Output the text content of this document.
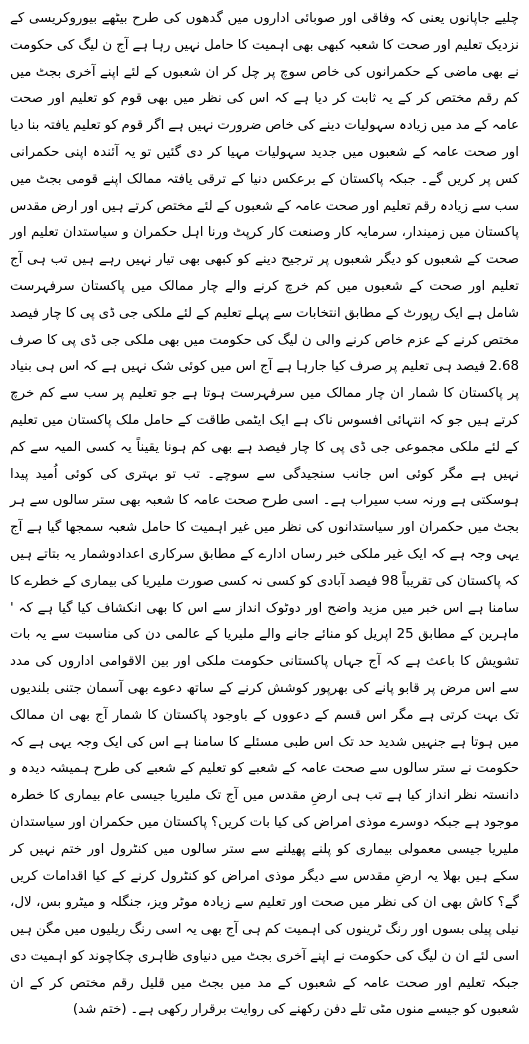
چلیے جاپانوں یعنی کہ وفاقی اور صوبائی اداروں میں گدھوں کی طرح بیٹھے بیوروکریسی کے نزدیک تعلیم اور صحت کا شعبہ کبھی بھی اہمیت کا حامل نہیں رہا ہے آج ن لیگ کی حکومت نے بھی ماضی کے حکمرانوں کی خاص سوچ پر چل کر ان شعبوں کے لئے اپنے آخری بجٹ میں کم رقم مختص کر کے یہ ثابت کر دیا ہے کہ اس کی نظر میں بھی قوم کو تعلیم اور صحت عامہ کے مد میں زیادہ سہولیات دینے کی خاص ضرورت نہیں ہے اگر قوم کو تعلیم یافتہ بنا دیا اور صحت عامہ کے شعبوں میں جدید سہولیات مہیا کر دی گئیں تو یہ آئندہ اپنی حکمرانی کس پر کریں گے۔ جبکہ پاکستان کے برعکس دنیا کے ترقی یافتہ ممالک اپنے قومی بجٹ میں سب سے زیادہ رقم تعلیم اور صحت عامہ کے شعبوں کے لئے مختص کرتے ہیں اور ارض مقدس پاکستان میں زمیندار، سرمایہ کار وصنعت کار کرپٹ ورنا اہل حکمران و سیاستدان تعلیم اور صحت کے شعبوں کو دیگر شعبوں پر ترجیح دینے کو کبھی بھی تیار نہیں رہے ہیں تب ہی آج تعلیم اور صحت کے شعبوں میں کم خرچ کرنے والے چار ممالک میں پاکستان سرفہرست شامل ہے ایک رپورٹ کے مطابق انتخابات سے پہلے تعلیم کے لئے ملکی جی ڈی پی کا چار فیصد مختص کرنے کے عزم خاص کرنے والی ن لیگ کی حکومت میں بھی ملکی جی ڈی پی کا صرف 2.68 فیصد ہی تعلیم پر صرف کیا جارہا ہے آج اس میں کوئی شک نہیں ہے کہ اس ہی بنیاد پر پاکستان کا شمار ان چار ممالک میں سرفہرست ہوتا ہے جو تعلیم پر سب سے کم خرچ کرتے ہیں جو کہ انتہائی افسوس ناک ہے ایک ایٹمی طاقت کے حامل ملک پاکستان میں تعلیم کے لئے ملکی مجموعی جی ڈی پی کا چار فیصد ہے بھی کم ہونا یقیناً یہ کسی المیہ سے کم نہیں ہے مگر کوئی اس جانب سنجیدگی سے سوچے۔ تب تو بہتری کی کوئی اُمید پیدا ہوسکتی ہے ورنہ سب سیراب ہے۔ اسی طرح صحت عامہ کا شعبہ بھی ستر سالوں سے ہر بجٹ میں حکمران اور سیاستدانوں کی نظر میں غیر اہمیت کا حامل شعبہ سمجھا گیا ہے آج یہی وجہ ہے کہ ایک غیر ملکی خبر رساں ادارے کے مطابق سرکاری اعدادوشمار یہ بتاتے ہیں کہ پاکستان کی تقریباً 98 فیصد آبادی کو کسی نہ کسی صورت ملیریا کی بیماری کے خطرے کا سامنا ہے اس خبر میں مزید واضح اور دوٹوک انداز سے اس کا بھی انکشاف کیا گیا ہے کہ ' ماہرین کے مطابق 25 اپریل کو منائے جانے والے ملیریا کے عالمی دن کی مناسبت سے یہ بات تشویش کا باعث ہے کہ آج جہاں پاکستانی حکومت ملکی اور بین الاقوامی اداروں کی مدد سے اس مرض پر قابو پانے کی بھرپور کوشش کرنے کے ساتھ دعوے بھی آسمان جتنی بلندیوں تک بہت کرتی ہے مگر اس قسم کے دعووں کے باوجود پاکستان کا شمار آج بھی ان ممالک میں ہوتا ہے جنہیں شدید حد تک اس طبی مسئلے کا سامنا ہے اس کی ایک وجہ یہی ہے کہ حکومت نے ستر سالوں سے صحت عامہ کے شعبے کو تعلیم کے شعبے کی طرح ہمیشہ دیدہ و دانستہ نظر انداز کیا ہے تب ہی ارضِ مقدس میں آج تک ملیریا جیسی عام بیماری کا خطرہ موجود ہے جبکہ دوسرے موذی امراض کی کیا بات کریں؟ پاکستان میں حکمران اور سیاستدان ملیریا جیسی معمولی بیماری کو پلنے پھیلنے سے ستر سالوں میں کنٹرول اور ختم نہیں کر سکے ہیں بھلا یہ ارضِ مقدس سے دیگر موذی امراض کو کنٹرول کرنے کے کیا اقدامات کریں گے؟ کاش بھی ان کی نظر میں صحت اور تعلیم سے زیادہ موٹر ویز، جنگلہ و میٹرو بس، لال، نیلی پیلی بسوں اور رنگ ٹرینوں کی اہمیت کم ہی آج بھی یہ اسی رنگ ریلیوں میں مگن ہیں اسی لئے ان ن لیگ کی حکومت نے اپنے آخری بجٹ میں دنیاوی ظاہری چکاچوند کو اہمیت دی جبکہ تعلیم اور صحت عامہ کے شعبوں کے مد میں بجٹ میں قلیل رقم مختص کر کے ان شعبوں کو جیسے منوں مٹی تلے دفن رکھنے کی روایت برقرار رکھی ہے۔ (ختم شد)
